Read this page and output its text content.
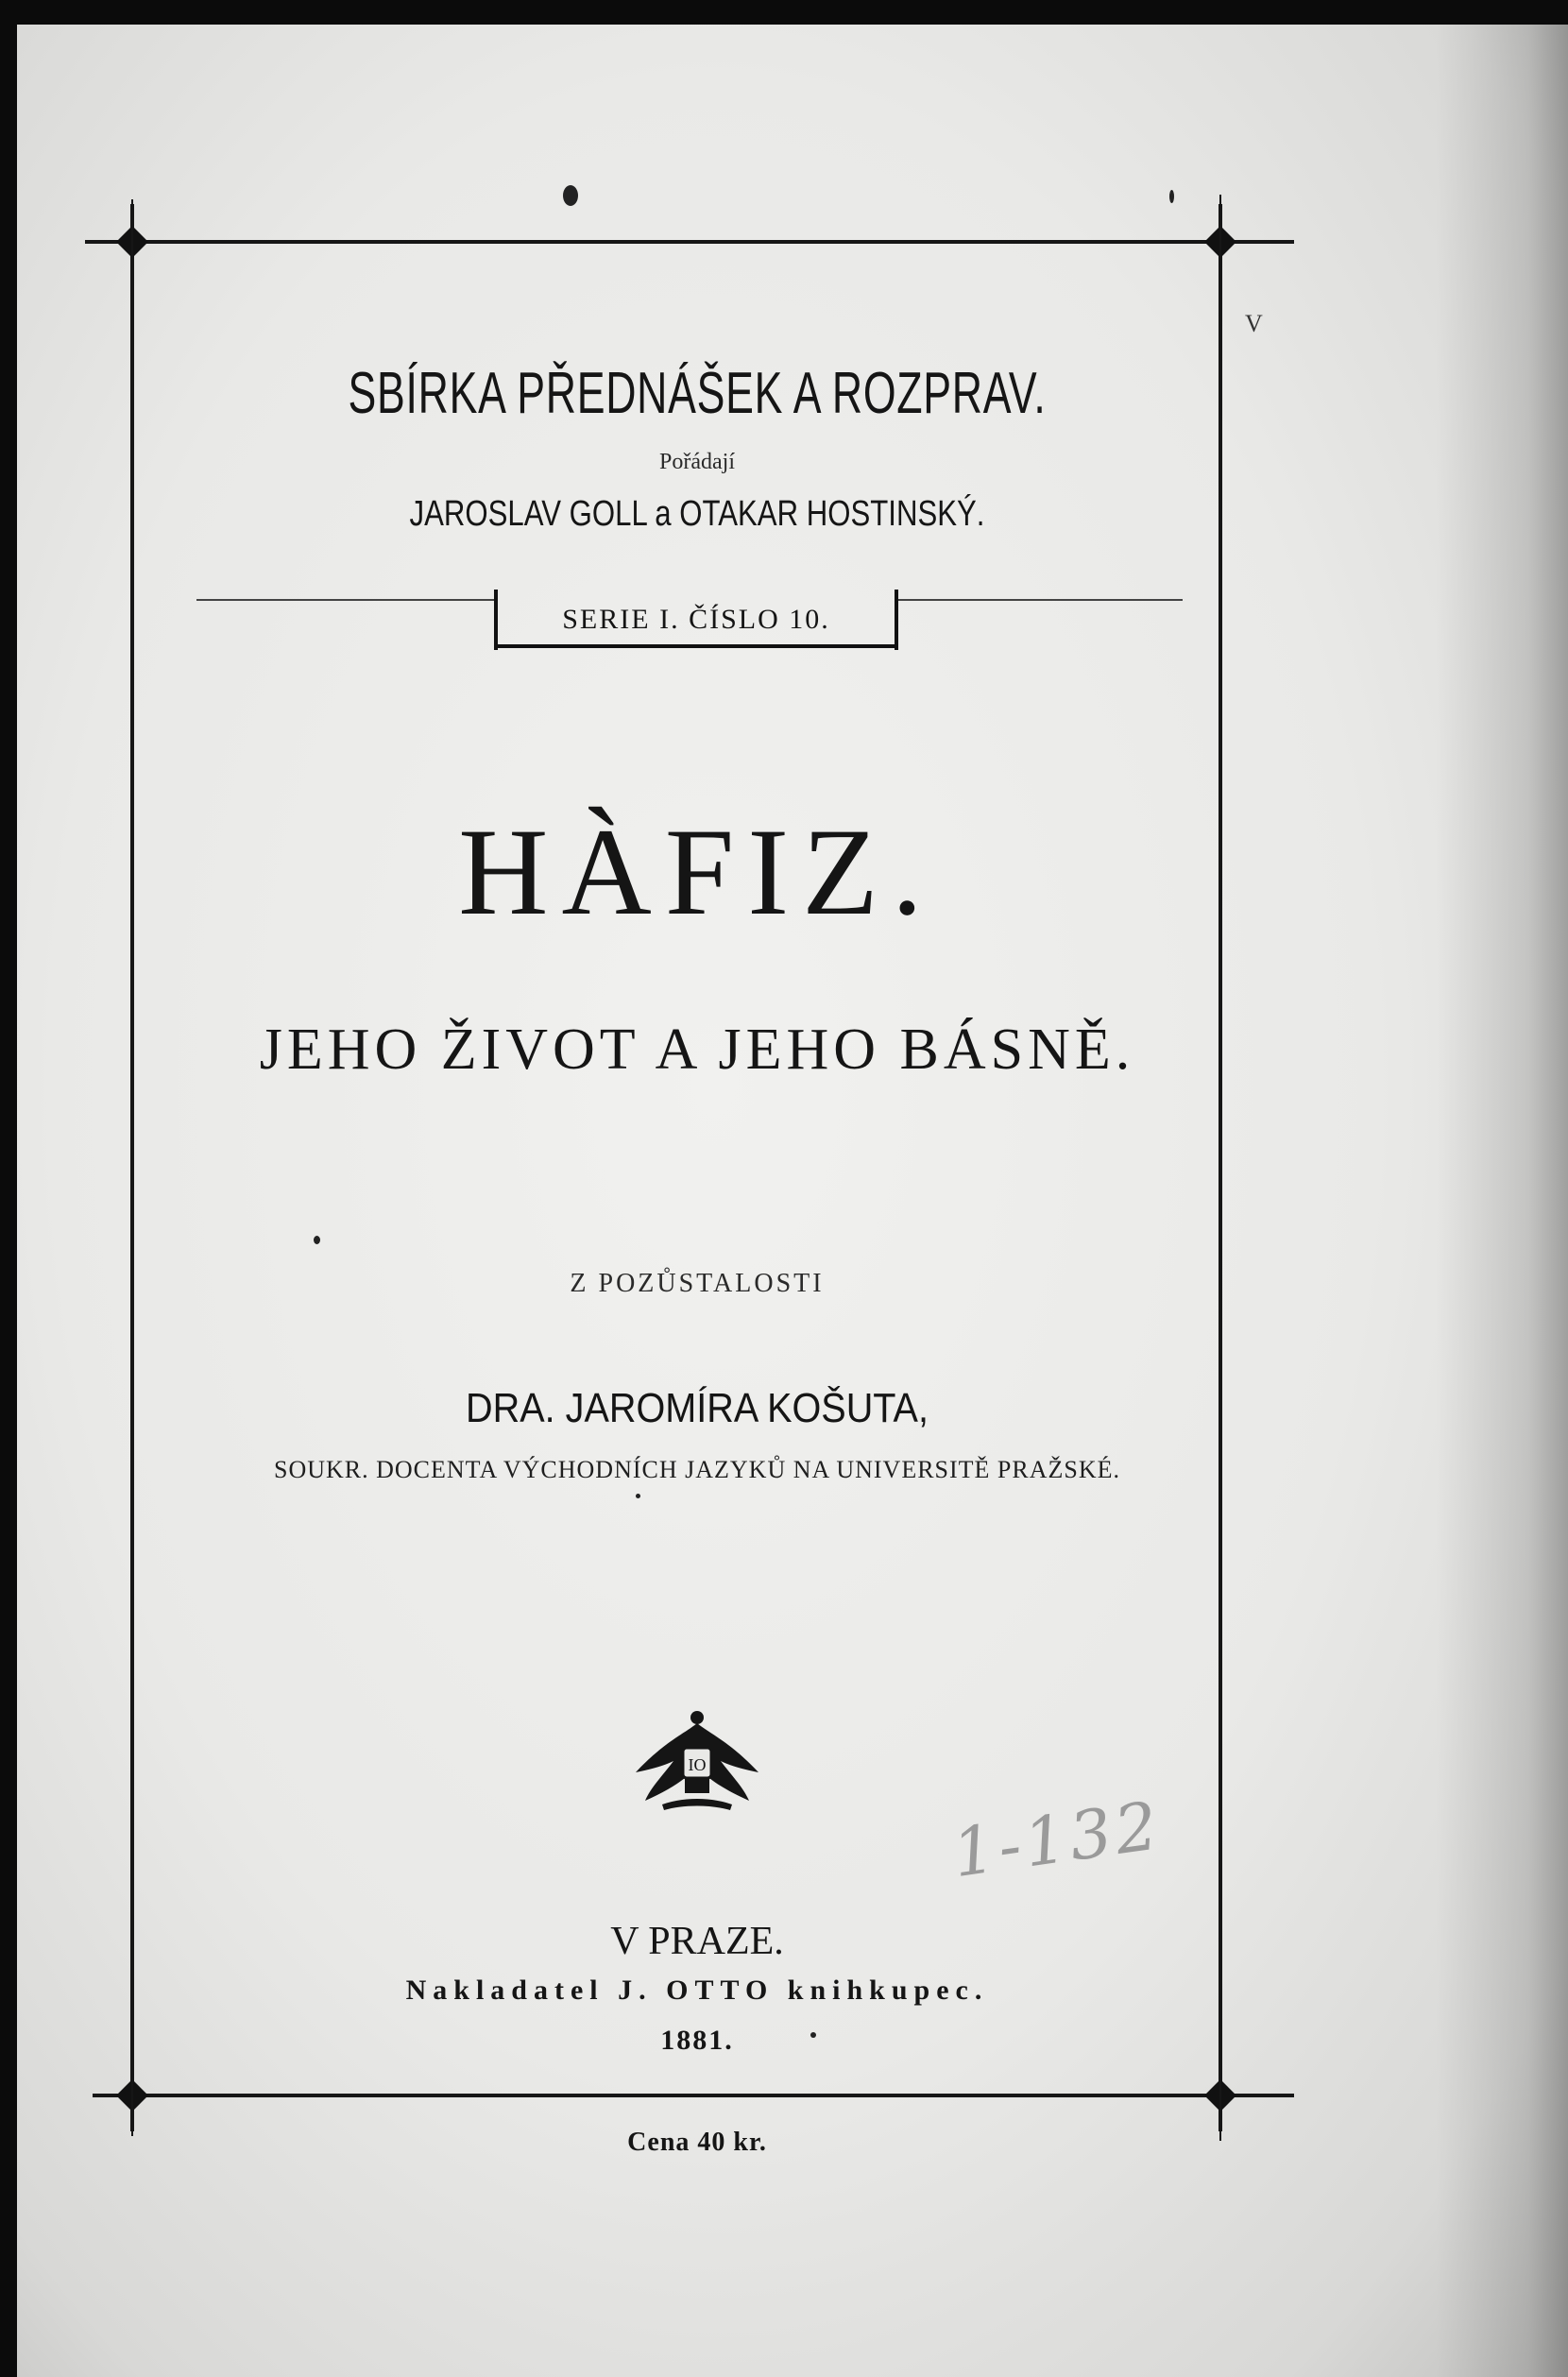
V
SBÍRKA PŘEDNÁŠEK A ROZPRAV.
Pořádají
JAROSLAV GOLL a OTAKAR HOSTINSKÝ.
SERIE I. ČÍSLO 10.
HÀFIZ.
JEHO ŽIVOT A JEHO BÁSNĚ.
Z POZŮSTALOSTI
DRA. JAROMÍRA KOŠUTA,
SOUKR. DOCENTA VÝCHODNÍCH JAZYKŮ NA UNIVERSITĚ PRAŽSKÉ.
IO
1-132
V PRAZE.
Nakladatel J. OTTO knihkupec.
1881.
Cena 40 kr.
